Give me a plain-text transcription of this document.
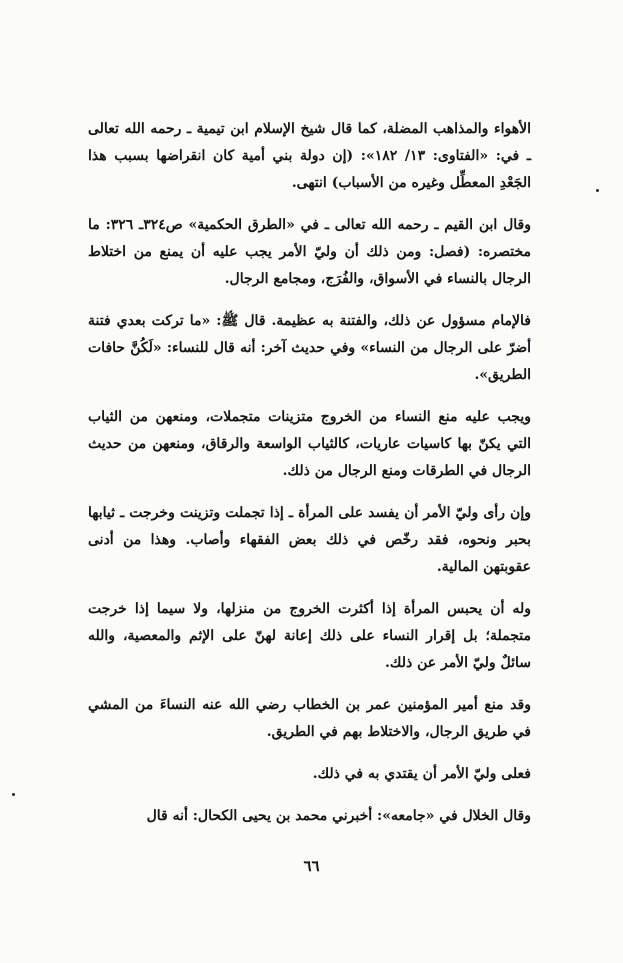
الأهواء والمذاهب المضلة، كما قال شيخ الإسلام ابن تيمية ـ رحمه الله تعالى ـ في: «الفتاوى: ١٣/ ١٨٢»: (إن دولة بني أمية كان انقراضها بسبب هذا الجَعْدِ المعطِّل وغيره من الأسباب) انتهى.

وقال ابن القيم ـ رحمه الله تعالى ـ في «الطرق الحكمية» ص٣٢٤ـ ٣٢٦: ما مختصره: (فصل: ومن ذلك أن وليّ الأمر يجب عليه أن يمنع من اختلاط الرجال بالنساء في الأسواق، والفُرَج، ومجامع الرجال.

فالإمام مسؤول عن ذلك، والفتنة به عظيمة. قال ﷺ: «ما تركت بعدي فتنة أضرّ على الرجال من النساء» وفي حديث آخر: أنه قال للنساء: «لَكُنَّ حافات الطريق».

ويجب عليه منع النساء من الخروج متزينات متجملات، ومنعهن من الثياب التي يكنّ بها كاسيات عاريات، كالثياب الواسعة والرقاق، ومنعهن من حديث الرجال في الطرقات ومنع الرجال من ذلك.

وإن رأى وليّ الأمر أن يفسد على المرأة ـ إذا تجملت وتزينت وخرجت ـ ثيابها بحبر ونحوه، فقد رخّص في ذلك بعض الفقهاء وأصاب. وهذا من أدنى عقوبتهن المالية.

وله أن يحبس المرأة إذا أكثرت الخروج من منزلها، ولا سيما إذا خرجت متجملة؛ بل إقرار النساء على ذلك إعانة لهنّ على الإثم والمعصية، والله سائلٌ وليّ الأمر عن ذلك.

وقد منع أمير المؤمنين عمر بن الخطاب رضي الله عنه النساءَ من المشي في طريق الرجال، والاختلاط بهم في الطريق.

فعلى وليّ الأمر أن يقتدي به في ذلك.

وقال الخلال في «جامعه»: أخبرني محمد بن يحيى الكحال: أنه قال

٦٦
